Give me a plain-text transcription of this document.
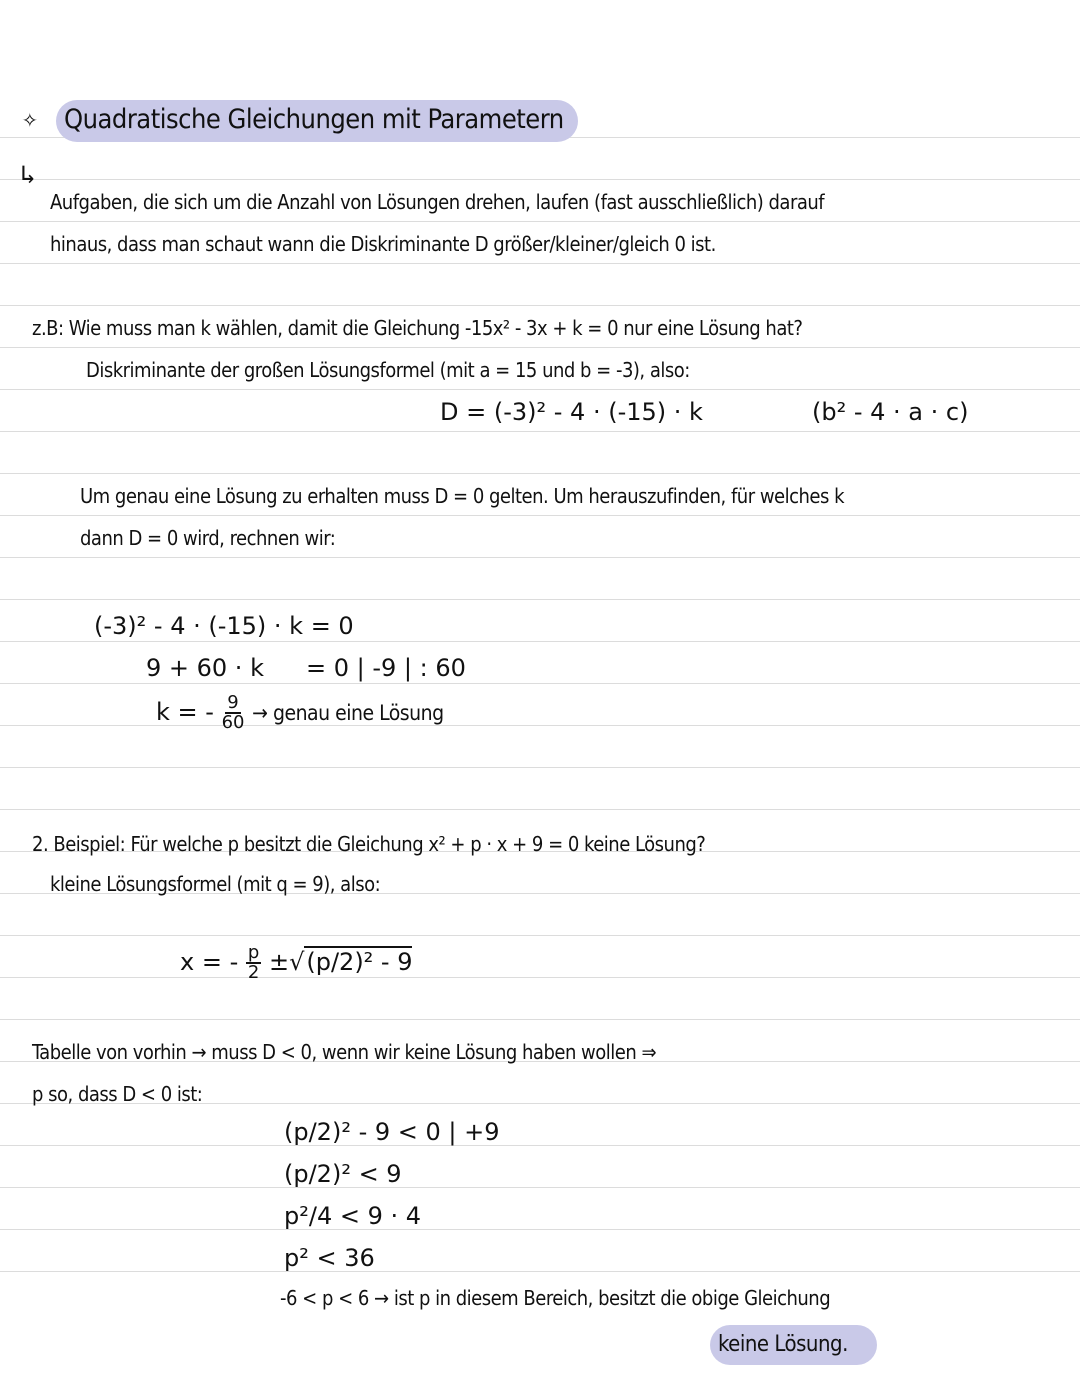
✧ Quadratische Gleichungen mit Parametern
↳
Aufgaben, die sich um die Anzahl von Lösungen drehen, laufen (fast ausschließlich) darauf
hinaus, dass man schaut wann die Diskriminante D größer/kleiner/gleich 0 ist.
z.B: Wie muss man k wählen, damit die Gleichung -15x² - 3x + k = 0 nur eine Lösung hat?
Diskriminante der großen Lösungsformel (mit a = 15 und b = -3), also:
D = (-3)² - 4 · (-15) · k	(b² - 4 · a · c)
Um genau eine Lösung zu erhalten muss D = 0 gelten. Um herauszufinden, für welches k
dann D = 0 wird, rechnen wir:
(-3)² - 4 · (-15) · k = 0
9 + 60 · k = 0 | -9 | : 60
k = - $\frac{9}{60}$ → genau eine Lösung
2. Beispiel: Für welche p besitzt die Gleichung x² + p · x + 9 = 0 keine Lösung?
kleine Lösungsformel (mit q = 9), also:
x = - $\frac{p}{2} \pm√(p/2)^2 - 9$
Tabelle von vorhin → muss D < 0, wenn wir keine Lösung haben wollen ⇒
p so, dass D < 0 ist:
(p/2)² - 9 < 0 | +9
(p/2)² < 9
p²/4 < 9 · 4
p² < 36
-6 < p < 6 → ist p in diesem Bereich, besitzt die obige Gleichung
keine Lösung.
